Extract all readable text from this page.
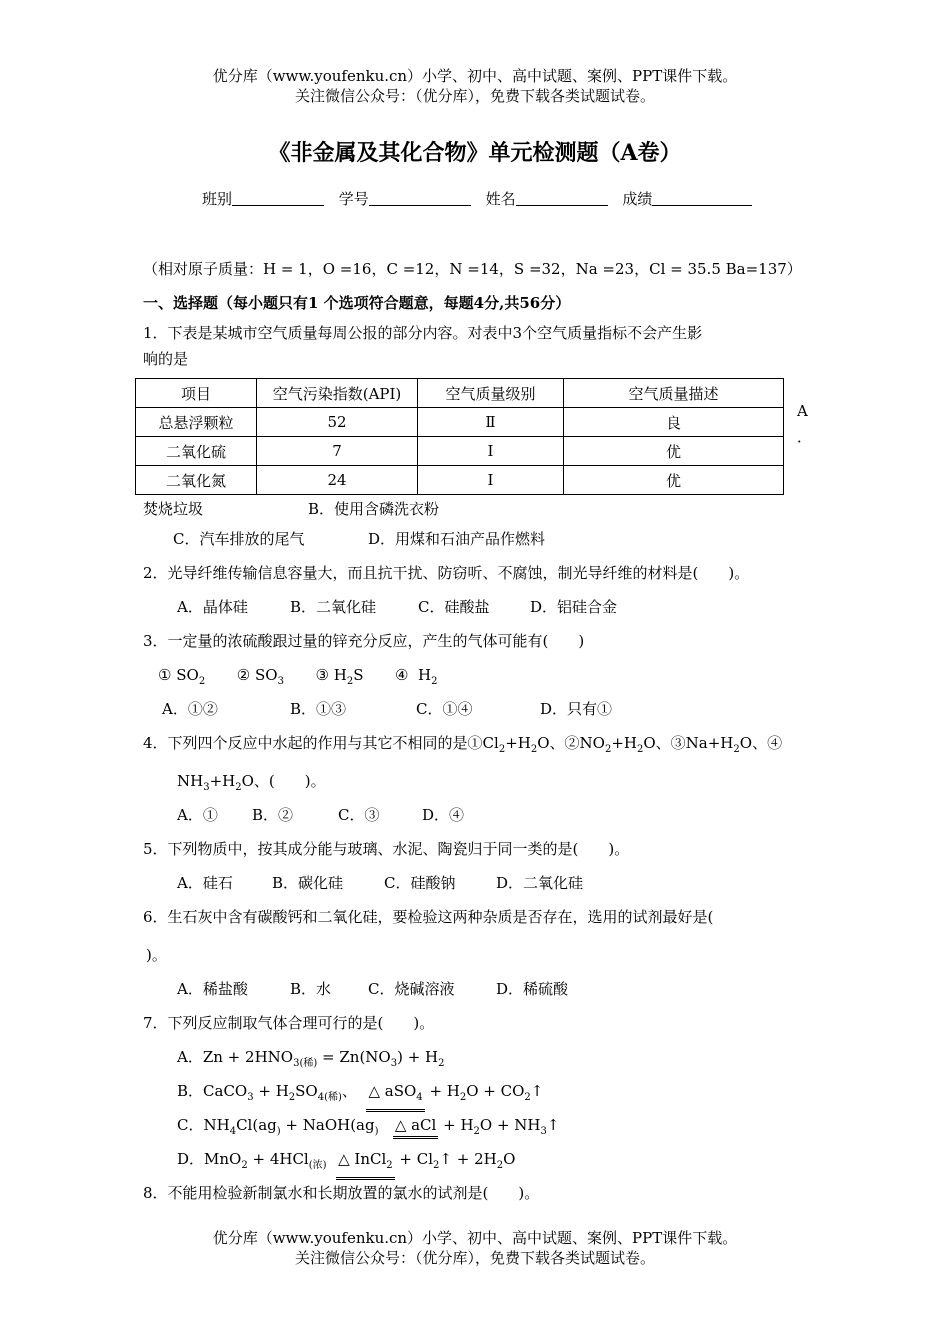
优分库（www.youfenku.cn）小学、初中、高中试题、案例、PPT课件下载。
关注微信公众号：（优分库），免费下载各类试题试卷。
《非金属及其化合物》单元检测题（A卷）
班别	学号	姓名	成绩
（相对原子质量：H = 1，O =16，C =12，N =14，S =32，Na =23，Cl = 35.5 Ba=137）
一、选择题（每小题只有1 个选项符合题意，每题4分,共56分）
1．下表是某城市空气质量每周公报的部分内容。对表中3个空气质量指标不会产生影
响的是
项目	空气污染指数(API)	空气质量级别	空气质量描述
总悬浮颗粒	52	Ⅱ	良
二氧化硫	7	Ⅰ	优
二氧化氮	24	Ⅰ	优
A
．
焚烧垃圾	B．使用含磷洗衣粉
C．汽车排放的尾气	D．用煤和石油产品作燃料
2．光导纤维传输信息容量大，而且抗干扰、防窃听、不腐蚀，制光导纤维的材料是(　　)。
A．晶体硅	B．二氧化硅	C．硅酸盐	D．铝硅合金
3．一定量的浓硫酸跟过量的锌充分反应，产生的气体可能有(　　)
① $SO_2$ ② $SO_3$ ③ $H_2S$ ④ $H_2$
A．①②	B．①③	C．①④	D．只有①
4．下列四个反应中水起的作用与其它不相同的是$①Cl_2+H_2O$、$②NO_2+H_2O$、$③Na+H_2O$、④
$NH_3+H_2O$、(　　)。
A．① B．②	C．③	D．④
5．下列物质中，按其成分能与玻璃、水泥、陶瓷归于同一类的是(　　)。
A．硅石	B．碳化硅	C．硅酸钠	D．二氧化硅
6．生石灰中含有碳酸钙和二氧化硅，要检验这两种杂质是否存在，选用的试剂最好是(
)。
A．稀盐酸	B．水 C．烧碱溶液	D．稀硫酸
7．下列反应制取气体合理可行的是(　　)。
A．$Zn + 2HNO_{3(稀)} = Zn(NO_3) + H_2$
B．CaCO$_3$ + $H_2SO_{4(稀)}$、 △ $aSO_4 + H_2O$ + $CO_2↑$
C．$NH_4Cl(ag_)$ + $NaOH(ag_)$ △ aCl + $H_2O$ + $NH_3↑$
D．MnO$_2$ + 4HCl$_{(浓)}$ △ InCl$_2$ + $Cl_2↑ + 2H_2O$
8．不能用检验新制氯水和长期放置的氯水的试剂是(　　)。
优分库（www.youfenku.cn）小学、初中、高中试题、案例、PPT课件下载。
关注微信公众号：（优分库），免费下载各类试题试卷。
